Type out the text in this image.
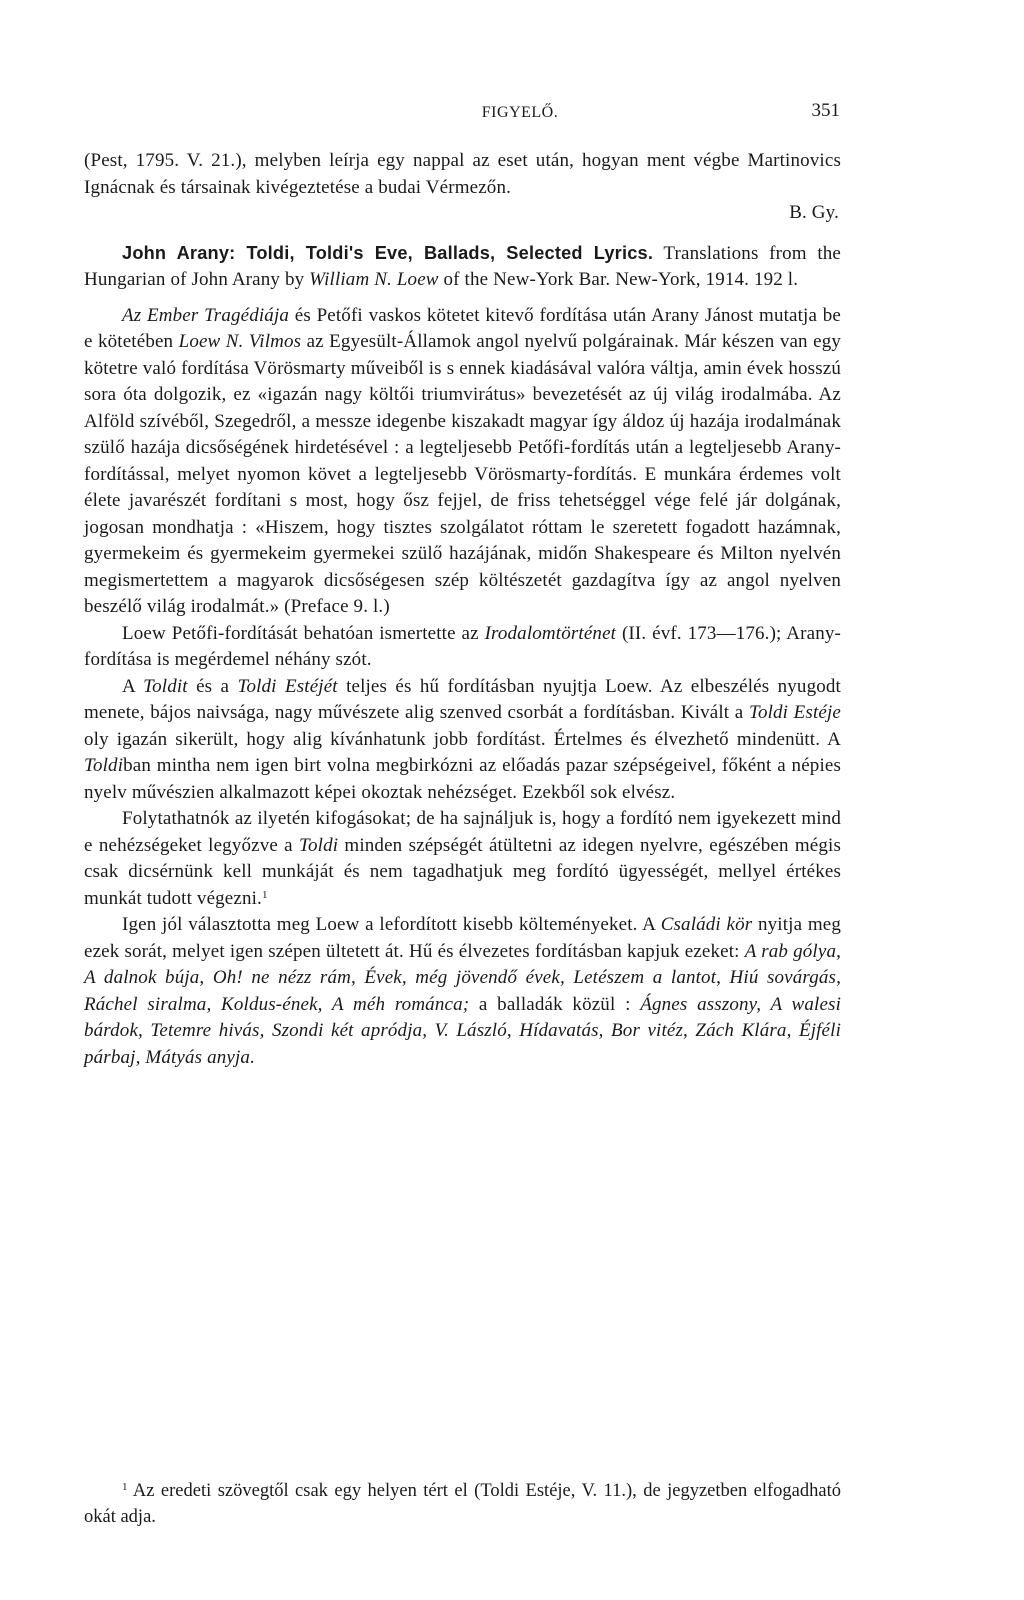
FIGYELŐ.	351

(Pest, 1795. V. 21.), melyben leírja egy nappal az eset után, hogyan ment végbe Martinovics Ignácnak és társainak kivégeztetése a budai Vérmezőn.

B. Gy.

John Arany: Toldi, Toldi's Eve, Ballads, Selected Lyrics. Translations from the Hungarian of John Arany by William N. Loew of the New-York Bar. New-York, 1914. 192 l.

Az Ember Tragédiája és Petőfi vaskos kötetet kitevő fordítása után Arany Jánost mutatja be e kötetében Loew N. Vilmos az Egyesült-Államok angol nyelvű polgárainak. Már készen van egy kötetre való fordítása Vörösmarty műveiből is s ennek kiadásával valóra váltja, amin évek hosszú sora óta dolgozik, ez «igazán nagy költői triumvirátus» bevezetését az új világ irodalmába. Az Alföld szívéből, Szegedről, a messze idegenbe kiszakadt magyar így áldoz új hazája irodalmának szülő hazája dicsőségének hirdetésével : a legteljesebb Petőfi-fordítás után a legteljesebb Arany-fordítással, melyet nyomon követ a legteljesebb Vörösmarty-fordítás. E munkára érdemes volt élete javarészét fordítani s most, hogy ősz fejjel, de friss tehetséggel vége felé jár dolgának, jogosan mondhatja : «Hiszem, hogy tisztes szolgálatot róttam le szeretett fogadott hazámnak, gyermekeim és gyermekeim gyermekei szülő hazájának, midőn Shakespeare és Milton nyelvén megismertettem a magyarok dicsőségesen szép költészetét gazdagítva így az angol nyelven beszélő világ irodalmát.» (Preface 9. l.)

Loew Petőfi-fordítását behatóan ismertette az Irodalomtörténet (II. évf. 173—176.); Arany-fordítása is megérdemel néhány szót.

A Toldit és a Toldi Estéjét teljes és hű fordításban nyujtja Loew. Az elbeszélés nyugodt menete, bájos naivsága, nagy művészete alig szenved csorbát a fordításban. Kivált a Toldi Estéje oly igazán sikerült, hogy alig kívánhatunk jobb fordítást. Értelmes és élvezhető mindenütt. A Toldiban mintha nem igen birt volna megbirkózni az előadás pazar szépségeivel, főként a népies nyelv művészien alkalmazott képei okoztak nehézséget. Ezekből sok elvész.

Folytathatnók az ilyetén kifogásokat; de ha sajnáljuk is, hogy a fordító nem igyekezett mind e nehézségeket legyőzve a Toldi minden szépségét átültetni az idegen nyelvre, egészében mégis csak dicsérnünk kell munkáját és nem tagadhatjuk meg fordító ügyességét, mellyel értékes munkát tudott végezni.$^1$

Igen jól választotta meg Loew a lefordított kisebb költeményeket. A Családi kör nyitja meg ezek sorát, melyet igen szépen ültetett át. Hű és élvezetes fordításban kapjuk ezeket: A rab gólya, A dalnok búja, Oh! ne nézz rám, Évek, még jövendő évek, Letészem a lantot, Hiú sovárgás, Ráchel siralma, Koldus-ének, A méh románca; a balladák közül : Ágnes asszony, A walesi bárdok, Tetemre hivás, Szondi két apródja, V. László, Hídavatás, Bor vitéz, Zách Klára, Éjféli párbaj, Mátyás anyja.

$^1$ Az eredeti szövegtől csak egy helyen tért el (Toldi Estéje, V. 11.), de jegyzetben elfogadható okát adja.
